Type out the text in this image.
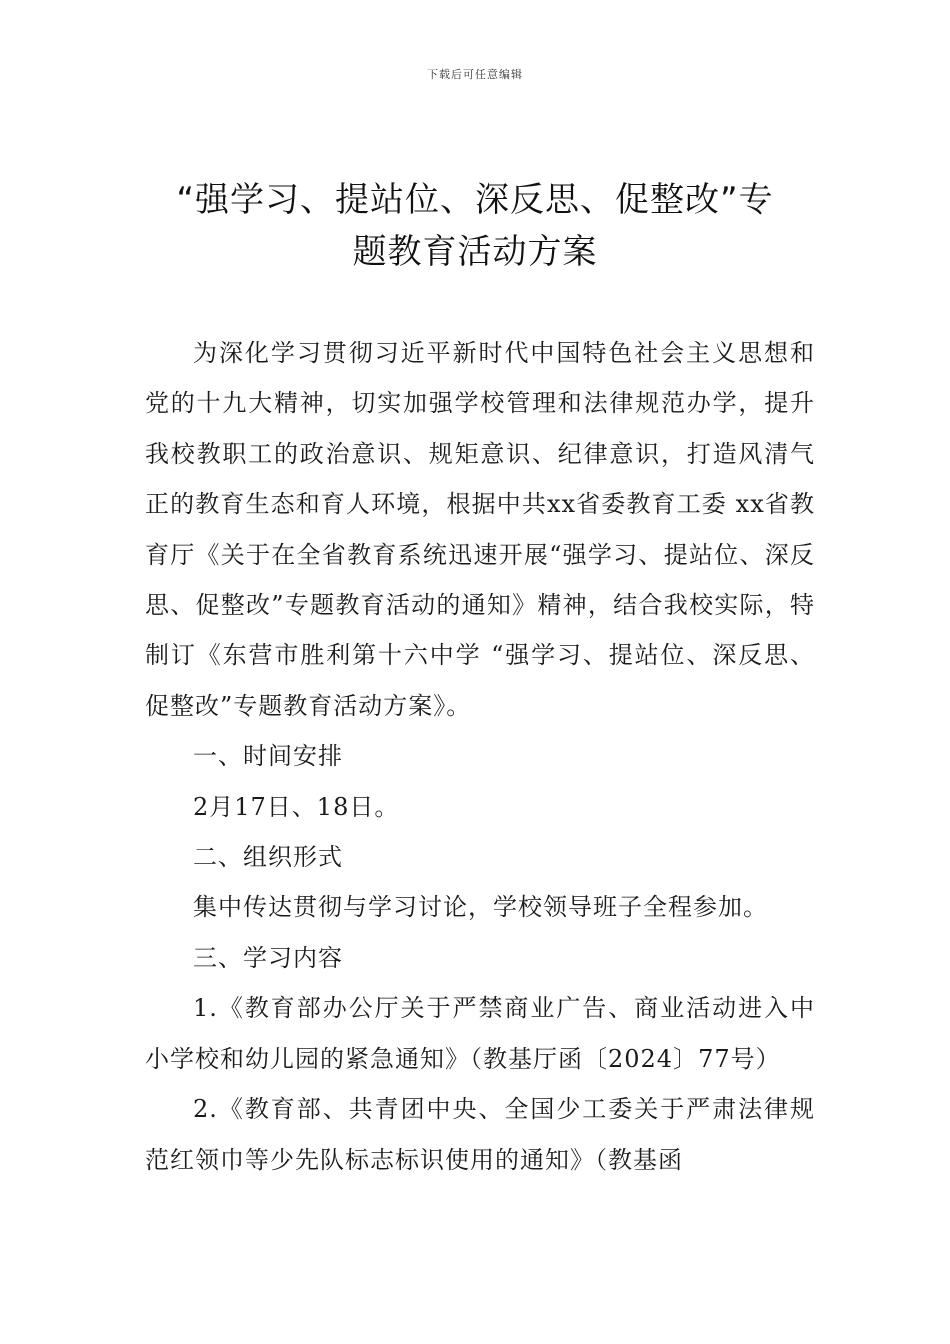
下载后可任意编辑
“强学习、提站位、深反思、促整改”专
题教育活动方案

为深化学习贯彻习近平新时代中国特色社会主义思想和党的十九大精神，切实加强学校管理和法律规范办学，提升我校教职工的政治意识、规矩意识、纪律意识，打造风清气正的教育生态和育人环境，根据中共xx省委教育工委 xx省教育厅《关于在全省教育系统迅速开展“强学习、提站位、深反思、促整改”专题教育活动的通知》精神，结合我校实际，特制订《东营市胜利第十六中学 “强学习、提站位、深反思、促整改”专题教育活动方案》。

一、时间安排

2月17日、18日。

二、组织形式

集中传达贯彻与学习讨论，学校领导班子全程参加。

三、学习内容

1.《教育部办公厅关于严禁商业广告、商业活动进入中小学校和幼儿园的紧急通知》（教基厅函〔2024〕77号）

2.《教育部、共青团中央、全国少工委关于严肃法律规范红领巾等少先队标志标识使用的通知》（教基函
